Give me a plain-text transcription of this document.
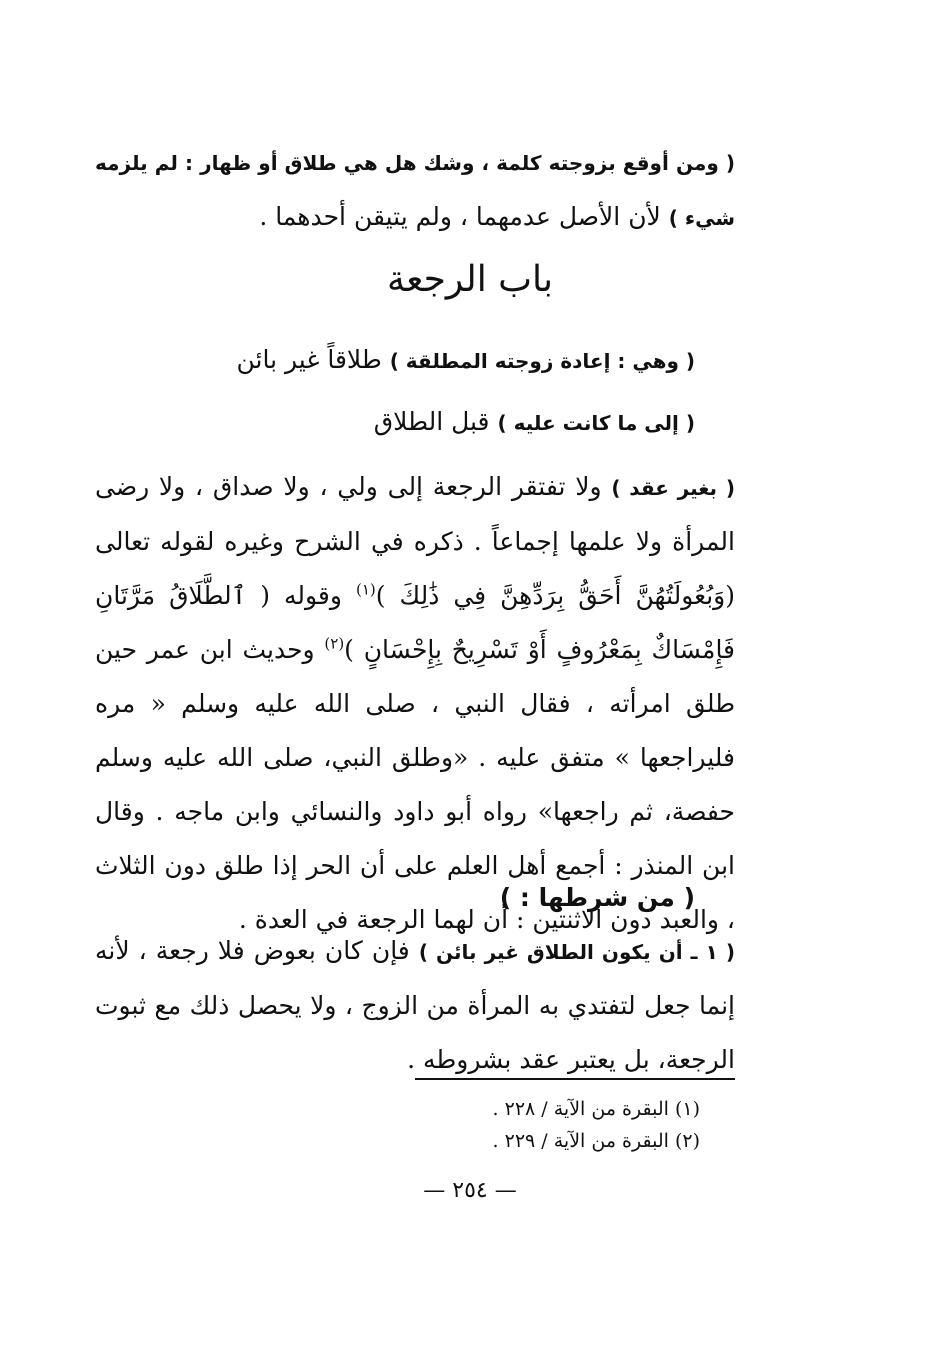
( ومن أوقع بزوجته كلمة ، وشك هل هي طلاق أو ظهار : لم يلزمه شيء ) لأن الأصل عدمهما ، ولم يتيقن أحدهما .
باب الرجعة
( وهي : إعادة زوجته المطلقة ) طلاقاً غير بائن
( إلى ما كانت عليه ) قبل الطلاق
( بغير عقد ) ولا تفتقر الرجعة إلى ولي ، ولا صداق ، ولا رضى المرأة ولا علمها إجماعاً . ذكره في الشرح وغيره لقوله تعالى (وَبُعُولَتُهُنَّ أَحَقُّ بِرَدِّهِنَّ فِي ذَٰلِكَ )$^{(١)}$ وقوله ( ٱلطَّلَاقُ مَرَّتَانِ فَإِمْسَاكٌ بِمَعْرُوفٍ أَوْ تَسْرِيحٌ بِإِحْسَانٍ )$^{(٢)}$ وحديث ابن عمر حين طلق امرأته ، فقال النبي ، صلى الله عليه وسلم « مره فليراجعها » متفق عليه . «وطلق النبي، صلى الله عليه وسلم حفصة، ثم راجعها» رواه أبو داود والنسائي وابن ماجه . وقال ابن المنذر : أجمع أهل العلم على أن الحر إذا طلق دون الثلاث ، والعبد دون الاثنتين : أن لهما الرجعة في العدة .
( من شرطها : )
( ١ ـ أن يكون الطلاق غير بائن ) فإن كان بعوض فلا رجعة ، لأنه إنما جعل لتفتدي به المرأة من الزوج ، ولا يحصل ذلك مع ثبوت الرجعة، بل يعتبر عقد بشروطه .
(١) البقرة من الآية / ٢٢٨ .
(٢) البقرة من الآية / ٢٢٩ .
— ٢٥٤ —
